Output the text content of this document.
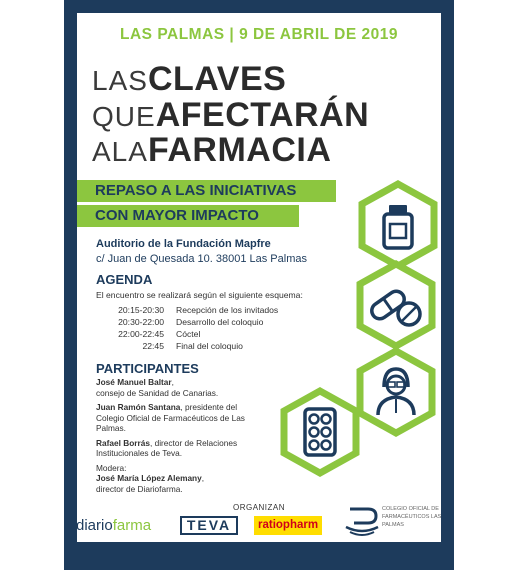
LAS PALMAS | 9 DE ABRIL DE 2019
LASCLAVES
QUEAFECTARÁN
ALAFARMACIA
REPASO A LAS INICIATIVAS
CON MAYOR IMPACTO
Auditorio de la Fundación Mapfre
c/ Juan de Quesada 10. 38001 Las Palmas
AGENDA
El encuentro se realizará según el siguiente esquema:
20:15-20:30	Recepción de los invitados
20:30-22:00	Desarrollo del coloquio
22:00-22:45	Cóctel
22:45	Final del coloquio
PARTICIPANTES
José Manuel Baltar,
consejo de Sanidad de Canarias.
Juan Ramón Santana, presidente del Colegio Oficial de Farmacéuticos de Las Palmas.
Rafael Borrás, director de Relaciones Institucionales de Teva.
Modera:
José María López Alemany,
director de Diariofarma.
ORGANIZAN
diariofarma	TEVA	ratiopharm
COLEGIO OFICIAL DE FARMACÉUTICOS LAS PALMAS
Inscripciones en ✉ coloquios@diariofarma.com ✆ 605084684
